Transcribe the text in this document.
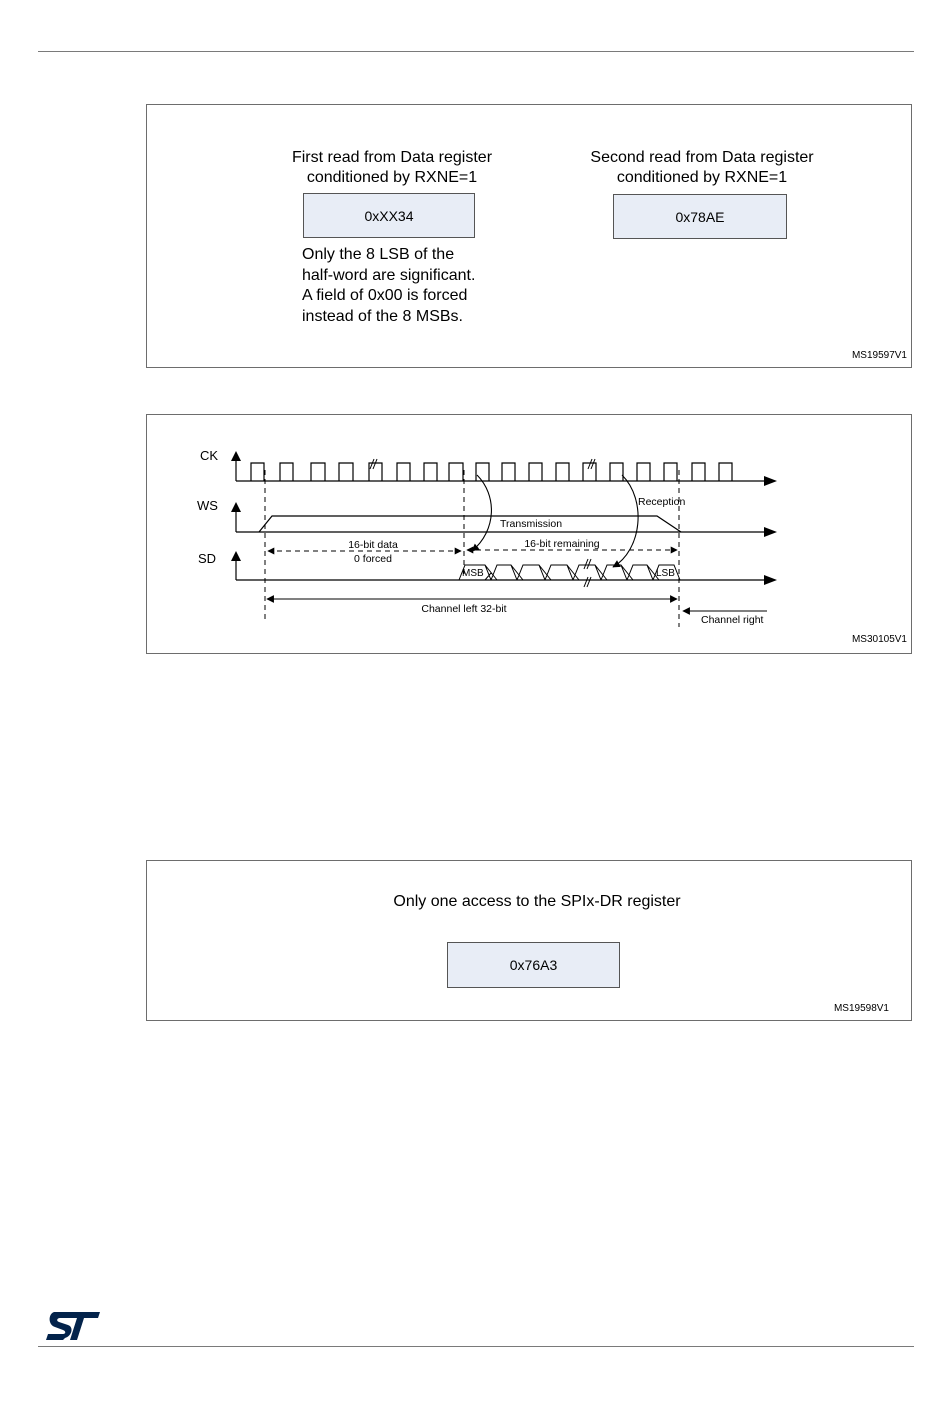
First read from Data register
conditioned by RXNE=1
0xXX34
Only the 8 LSB of the
half-word are significant.
A field of 0x00 is forced
instead of the 8 MSBs.
Second read from Data register
conditioned by RXNE=1
0x78AE
MS19597V1
CK
WS
SD
16-bit data
0 forced
16-bit remaining
MSB	LSB
Transmission
Reception
Channel left 32-bit
Channel right
MS30105V1
Only one access to the SPIx-DR register
0x76A3
MS19598V1
